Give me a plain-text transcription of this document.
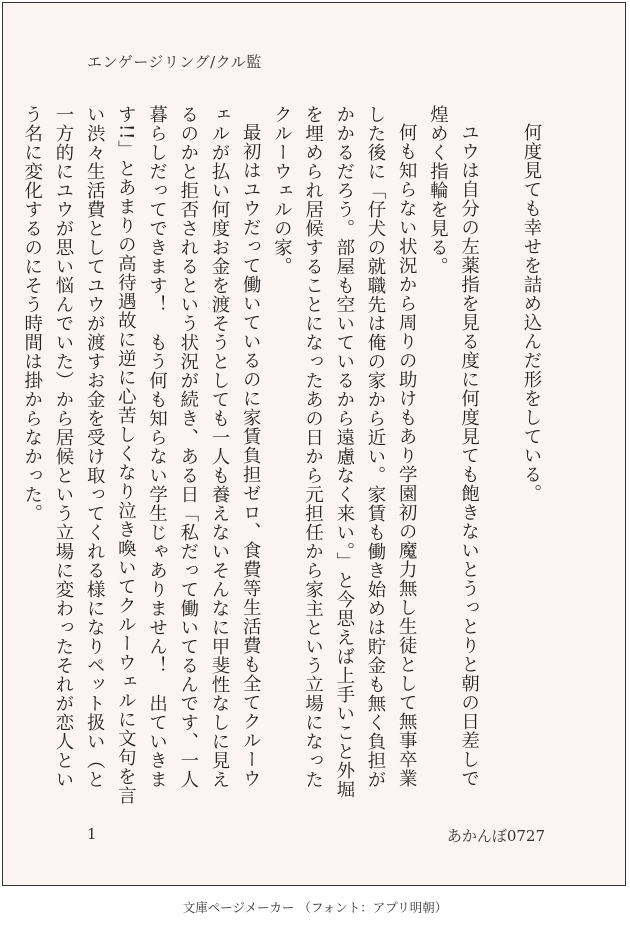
エンゲージリング/クル監

何度見ても幸せを詰め込んだ形をしている。

ユウは自分の左薬指を見る度に何度見ても飽きないとうっとりと朝の日差しで煌めく指輪を見る。

何も知らない状況から周りの助けもあり学園初の魔力無し生徒として無事卒業した後に「仔犬の就職先は俺の家から近い。家賃も働き始めは貯金も無く負担がかかるだろう。部屋も空いているから遠慮なく来い。」と今思えば上手いこと外堀を埋められ居候することになったあの日から元担任から家主という立場になったクルーウェルの家。

最初はユウだって働いているのに家賃負担ゼロ、食費等生活費も全てクルーウェルが払い何度お金を渡そうとしても一人も養えないそんなに甲斐性なしに見えるのかと拒否されるという状況が続き、ある日「私だって働いてるんです、一人暮らしだってできます！　もう何も知らない学生じゃありません！　出ていきます!!」とあまりの高待遇故に逆に心苦しくなり泣き喚いてクルーウェルに文句を言い渋々生活費としてユウが渡すお金を受け取ってくれる様になりペット扱い（と一方的にユウが思い悩んでいた）から居候という立場に変わったそれが恋人という名に変化するのにそう時間は掛からなかった。

1	あかんぼ0727
文庫ページメーカー （フォント：アプリ明朝）
